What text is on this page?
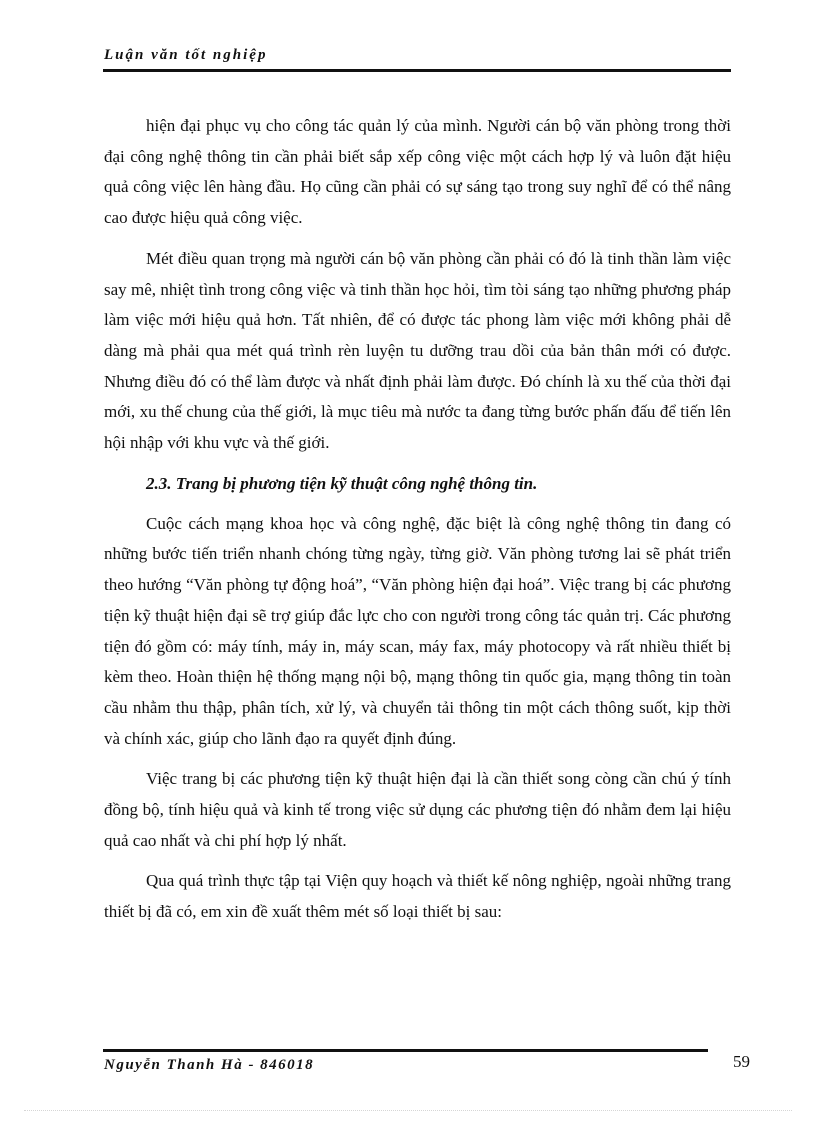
Luận văn tốt nghiệp

hiện đại phục vụ cho công tác quản lý của mình. Người cán bộ văn phòng trong thời đại công nghệ thông tin cần phải biết sắp xếp công việc một cách hợp lý và luôn đặt hiệu quả công việc lên hàng đầu. Họ cũng cần phải có sự sáng tạo trong suy nghĩ để có thể nâng cao được hiệu quả công việc.

Mét điều quan trọng mà người cán bộ văn phòng cần phải có đó là tinh thần làm việc say mê, nhiệt tình trong công việc và tinh thần học hỏi, tìm tòi sáng tạo những phương pháp làm việc mới hiệu quả hơn. Tất nhiên, để có được tác phong làm việc mới không phải dễ dàng mà phải qua mét quá trình rèn luyện tu dưỡng trau dồi của bản thân mới có được. Nhưng điều đó có thể làm được và nhất định phải làm được. Đó chính là xu thế của thời đại mới, xu thế chung của thế giới, là mục tiêu mà nước ta đang từng bước phấn đấu để tiến lên hội nhập với khu vực và thế giới.

2.3. Trang bị phương tiện kỹ thuật công nghệ thông tin.

Cuộc cách mạng khoa học và công nghệ, đặc biệt là công nghệ thông tin đang có những bước tiến triển nhanh chóng từng ngày, từng giờ. Văn phòng tương lai sẽ phát triển theo hướng “Văn phòng tự động hoá”, “Văn phòng hiện đại hoá”. Việc trang bị các phương tiện kỹ thuật hiện đại sẽ trợ giúp đắc lực cho con người trong công tác quản trị. Các phương tiện đó gồm có: máy tính, máy in, máy scan, máy fax, máy photocopy và rất nhiều thiết bị kèm theo. Hoàn thiện hệ thống mạng nội bộ, mạng thông tin quốc gia, mạng thông tin toàn cầu nhằm thu thập, phân tích, xử lý, và chuyển tải thông tin một cách thông suốt, kịp thời và chính xác, giúp cho lãnh đạo ra quyết định đúng.

Việc trang bị các phương tiện kỹ thuật hiện đại là cần thiết song còng cần chú ý tính đồng bộ, tính hiệu quả và kinh tế trong việc sử dụng các phương tiện đó nhằm đem lại hiệu quả cao nhất và chi phí hợp lý nhất.

Qua quá trình thực tập tại Viện quy hoạch và thiết kế nông nghiệp, ngoài những trang thiết bị đã có, em xin đề xuất thêm mét số loại thiết bị sau:

Nguyễn Thanh Hà - 846018	59
